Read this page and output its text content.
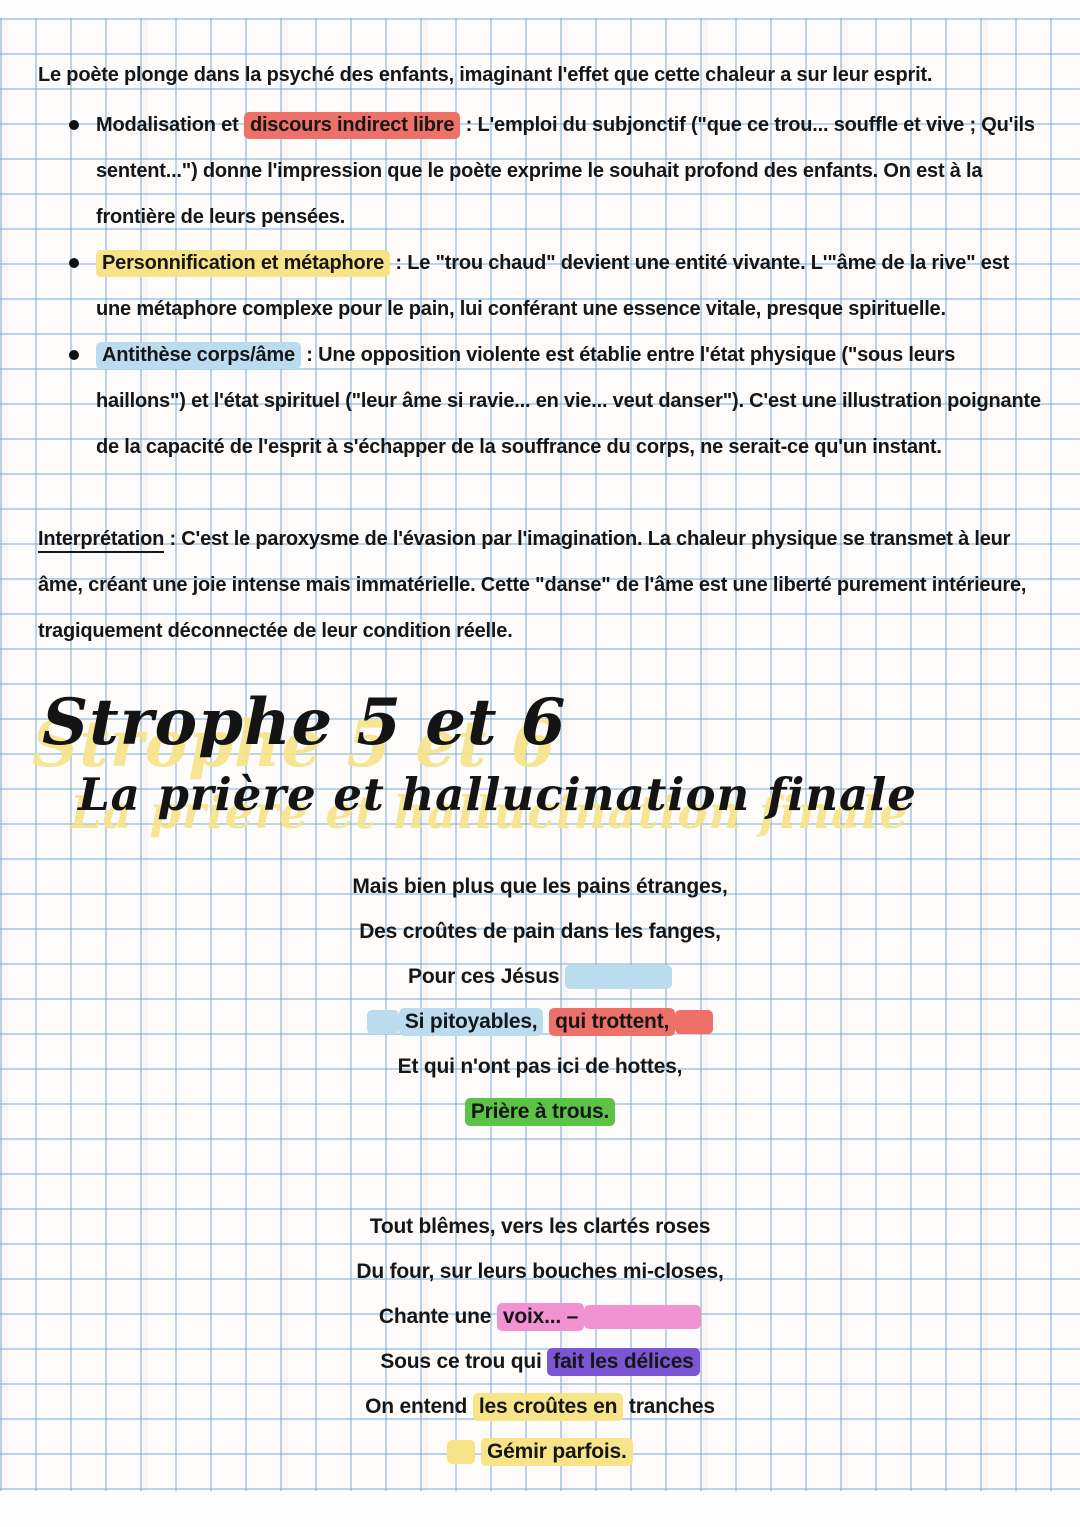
Le poète plonge dans la psyché des enfants, imaginant l'effet que cette chaleur a sur leur esprit.

Modalisation et discours indirect libre : L'emploi du subjonctif ("que ce trou... souffle et vive ; Qu'ils sentent...") donne l'impression que le poète exprime le souhait profond des enfants. On est à la frontière de leurs pensées.
Personnification et métaphore : Le "trou chaud" devient une entité vivante. L'"âme de la rive" est une métaphore complexe pour le pain, lui conférant une essence vitale, presque spirituelle.
Antithèse corps/âme : Une opposition violente est établie entre l'état physique ("sous leurs haillons") et l'état spirituel ("leur âme si ravie... en vie... veut danser"). C'est une illustration poignante de la capacité de l'esprit à s'échapper de la souffrance du corps, ne serait-ce qu'un instant.

Interprétation : C'est le paroxysme de l'évasion par l'imagination. La chaleur physique se transmet à leur âme, créant une joie intense mais immatérielle. Cette "danse" de l'âme est une liberté purement intérieure, tragiquement déconnectée de leur condition réelle.

Strophe 5 et 6
La prière et hallucination finale
Mais bien plus que les pains étranges,
Des croûtes de pain dans les fanges,
Pour ces Jésus
Si pitoyables, qui trottent,
Et qui n'ont pas ici de hottes,
Prière à trous.
Tout blêmes, vers les clartés roses
Du four, sur leurs bouches mi-closes,
Chante une voix... –
Sous ce trou qui fait les délices
On entend les croûtes en tranches
Gémir parfois.
